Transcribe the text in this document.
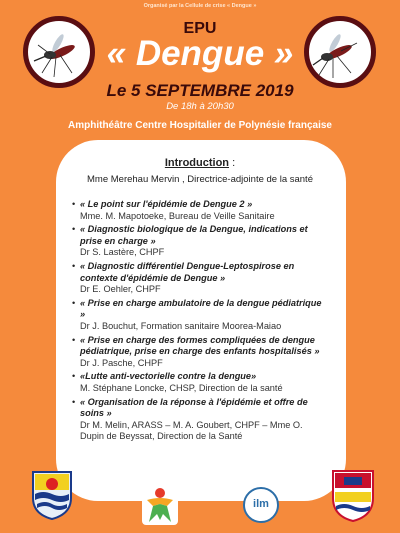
Organisé par la Cellule de crise « Dengue »
EPU
« Dengue »
Le 5 SEPTEMBRE 2019
De 18h à 20h30
Amphithéâtre Centre Hospitalier de Polynésie française
Introduction :
Mme Merehau Mervin , Directrice-adjointe de la santé
• « Le point sur l'épidémie de Dengue 2 »
Mme. M. Mapotoeke, Bureau de Veille Sanitaire
• « Diagnostic biologique de la Dengue, indications et prise en charge »
Dr S. Lastère, CHPF
• « Diagnostic différentiel Dengue-Leptospirose en contexte d'épidémie de Dengue »
Dr E. Oehler, CHPF
• « Prise en charge ambulatoire de la dengue pédiatrique »
Dr J. Bouchut, Formation sanitaire Moorea-Maiao
• « Prise en charge des formes compliquées de dengue pédiatrique, prise en charge des enfants hospitalisés »
Dr J. Pasche, CHPF
• «Lutte anti-vectorielle contre la dengue»
M. Stéphane Loncke, CHSP, Direction de la santé
• « Organisation de la réponse à l'épidémie et offre de soins »
Dr M. Melin, ARASS – M. A. Goubert, CHPF – Mme O. Dupin de Beyssat, Direction de la Santé
ilm
